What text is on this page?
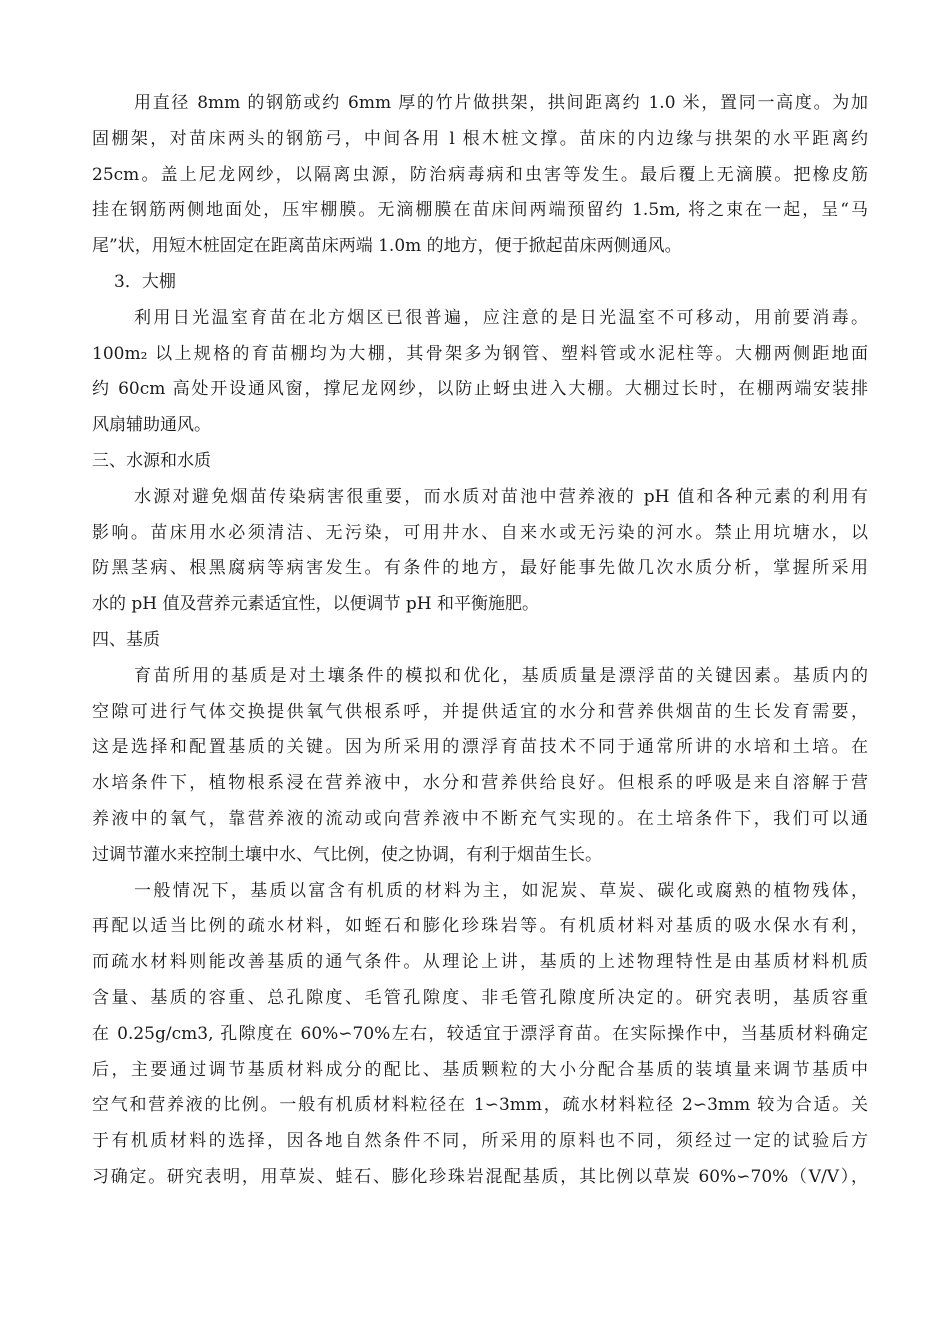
用直径 8mm 的钢筋或约 6mm 厚的竹片做拱架，拱间距离约 1.0 米，置同一高度。为加
固棚架，对苗床两头的钢筋弓，中间各用 l 根木桩文撑。苗床的内边缘与拱架的水平距离约
25cm。盖上尼龙网纱，以隔离虫源，防治病毒病和虫害等发生。最后覆上无滴膜。把橡皮筋
挂在钢筋两侧地面处，压牢棚膜。无滴棚膜在苗床间两端预留约 1.5m, 将之束在一起，呈“马
尾”状，用短木桩固定在距离苗床两端 1.0m 的地方，便于掀起苗床两侧通风。
3．大棚
利用日光温室育苗在北方烟区已很普遍，应注意的是日光温室不可移动，用前要消毒。
100m₂ 以上规格的育苗棚均为大棚，其骨架多为钢管、塑料管或水泥柱等。大棚两侧距地面
约 60cm 高处开设通风窗，撑尼龙网纱，以防止蚜虫进入大棚。大棚过长时，在棚两端安装排
风扇辅助通风。
三、水源和水质
水源对避免烟苗传染病害很重要，而水质对苗池中营养液的 pH 值和各种元素的利用有
影响。苗床用水必须清洁、无污染，可用井水、自来水或无污染的河水。禁止用坑塘水，以
防黑茎病、根黑腐病等病害发生。有条件的地方，最好能事先做几次水质分析，掌握所采用
水的 pH 值及营养元素适宜性，以便调节 pH 和平衡施肥。
四、基质
育苗所用的基质是对土壤条件的模拟和优化，基质质量是漂浮苗的关键因素。基质内的
空隙可进行气体交换提供氧气供根系呼，并提供适宜的水分和营养供烟苗的生长发育需要，
这是选择和配置基质的关键。因为所采用的漂浮育苗技术不同于通常所讲的水培和土培。在
水培条件下，植物根系浸在营养液中，水分和营养供给良好。但根系的呼吸是来自溶解于营
养液中的氧气，靠营养液的流动或向营养液中不断充气实现的。在土培条件下，我们可以通
过调节灌水来控制土壤中水、气比例，使之协调，有利于烟苗生长。
一般情况下，基质以富含有机质的材料为主，如泥炭、草炭、碳化或腐熟的植物残体，
再配以适当比例的疏水材料，如蛭石和膨化珍珠岩等。有机质材料对基质的吸水保水有利，
而疏水材料则能改善基质的通气条件。从理论上讲，基质的上述物理特性是由基质材料机质
含量、基质的容重、总孔隙度、毛管孔隙度、非毛管孔隙度所决定的。研究表明，基质容重
在 0.25g/cm3, 孔隙度在 60%∽70%左右，较适宜于漂浮育苗。在实际操作中，当基质材料确定
后，主要通过调节基质材料成分的配比、基质颗粒的大小分配合基质的装填量来调节基质中
空气和营养液的比例。一般有机质材料粒径在 1∽3mm，疏水材料粒径 2∽3mm 较为合适。关
于有机质材料的选择，因各地自然条件不同，所采用的原料也不同，须经过一定的试验后方
习确定。研究表明，用草炭、蛙石、膨化珍珠岩混配基质，其比例以草炭 60%∽70%（V/V），
